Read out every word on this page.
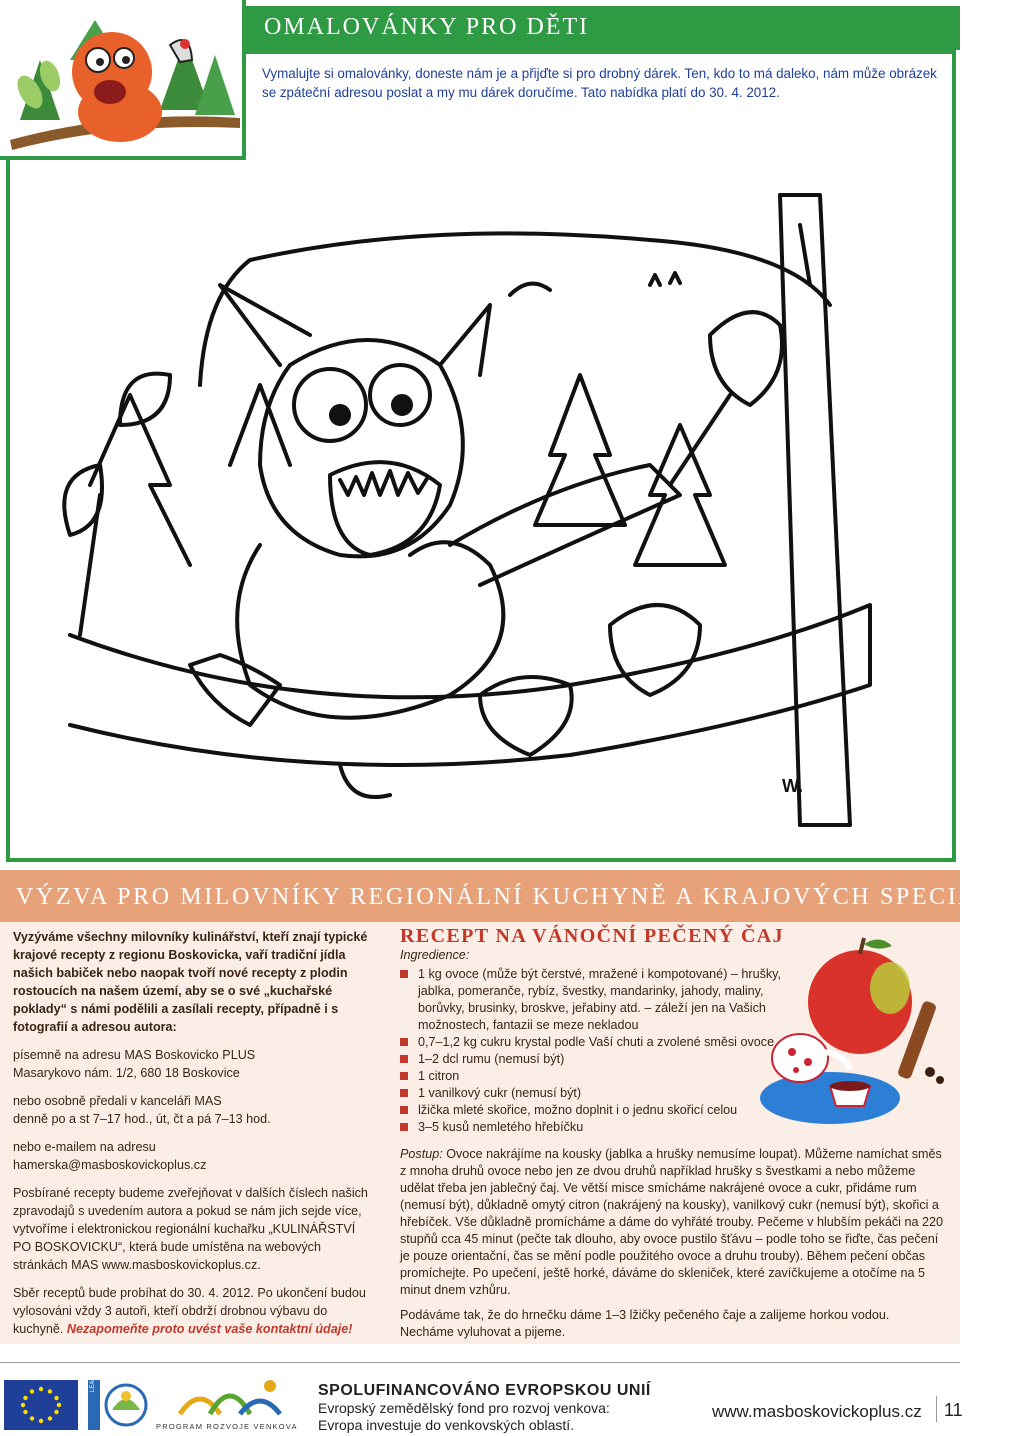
OMALOVÁNKY PRO DĚTI
Vymalujte si omalovánky, doneste nám je a přijďte si pro drobný dárek. Ten, kdo to má daleko, nám může obrázek se zpáteční adresou poslat a my mu dárek doručíme. Tato nabídka platí do 30. 4. 2012.
W.
VÝZVA PRO MILOVNÍKY REGIONÁLNÍ KUCHYNĚ A KRAJOVÝCH SPECIALIT

Vyzýváme všechny milovníky kulinářství, kteří znají typické krajové recepty z regionu Boskovicka, vaří tradiční jídla našich babiček nebo naopak tvoří nové recepty z plodin rostoucích na našem území, aby se o své „kuchařské poklady“ s námi podělili a zasílali recepty, případně i s fotografií a adresou autora:

písemně na adresu MAS Boskovicko PLUS
Masarykovo nám. 1/2, 680 18 Boskovice

nebo osobně předali v kanceláři MAS
denně po a st 7–17 hod., út, čt a pá 7–13 hod.

nebo e-mailem na adresu
hamerska@masboskovickoplus.cz

Posbírané recepty budeme zveřejňovat v dalších číslech našich zpravodajů s uvedením autora a pokud se nám jich sejde více, vytvoříme i elektronickou regionální kuchařku „KULINÁŘSTVÍ PO BOSKOVICKU“, která bude umístěna na webových stránkách MAS www.masboskovickoplus.cz.

Sběr receptů bude probíhat do 30. 4. 2012. Po ukončení budou vylosováni vždy 3 autoři, kteří obdrží drobnou výbavu do kuchyně. Nezapomeňte proto uvést vaše kontaktní údaje!

RECEPT NA VÁNOČNÍ PEČENÝ ČAJ
Ingredience:
1 kg ovoce (může být čerstvé, mražené i kompotované) – hrušky, jablka, pomeranče, rybíz, švestky, mandarinky, jahody, maliny, borůvky, brusinky, broskve, jeřabiny atd. – záleží jen na Vašich možnostech, fantazii se meze nekladou
0,7–1,2 kg cukru krystal podle Vaší chuti a zvolené směsi ovoce
1–2 dcl rumu (nemusí být)
1 citron
1 vanilkový cukr (nemusí být)
lžička mleté skořice, možno doplnit i o jednu skořicí celou
3–5 kusů nemletého hřebíčku

Postup: Ovoce nakrájíme na kousky (jablka a hrušky nemusíme loupat). Můžeme namíchat směs z mnoha druhů ovoce nebo jen ze dvou druhů například hrušky s švestkami a nebo můžeme udělat třeba jen jablečný čaj. Ve větší misce smícháme nakrájené ovoce a cukr, přidáme rum (nemusí být), důkladně omytý citron (nakrájený na kousky), vanilkový cukr (nemusí být), skořici a hřebíček. Vše důkladně promícháme a dáme do vyhřáté trouby. Pečeme v hlubším pekáči na 220 stupňů cca 45 minut (pečte tak dlouho, aby ovoce pustilo šťávu – podle toho se řiďte, čas pečení je pouze orientační, čas se mění podle použitého ovoce a druhu trouby). Během pečení občas promíchejte. Po upečení, ještě horké, dáváme do skleniček, které zavíčkujeme a otočíme na 5 minut dnem vzhůru.

Podáváme tak, že do hrnečku dáme 1–3 lžičky pečeného čaje a zalijeme horkou vodou. Necháme vyluhovat a pijeme.

LEADER
PROGRAM ROZVOJE VENKOVA
SPOLUFINANCOVÁNO EVROPSKOU UNIÍ
Evropský zemědělský fond pro rozvoj venkova:
Evropa investuje do venkovských oblastí.
www.masboskovickoplus.cz 11
